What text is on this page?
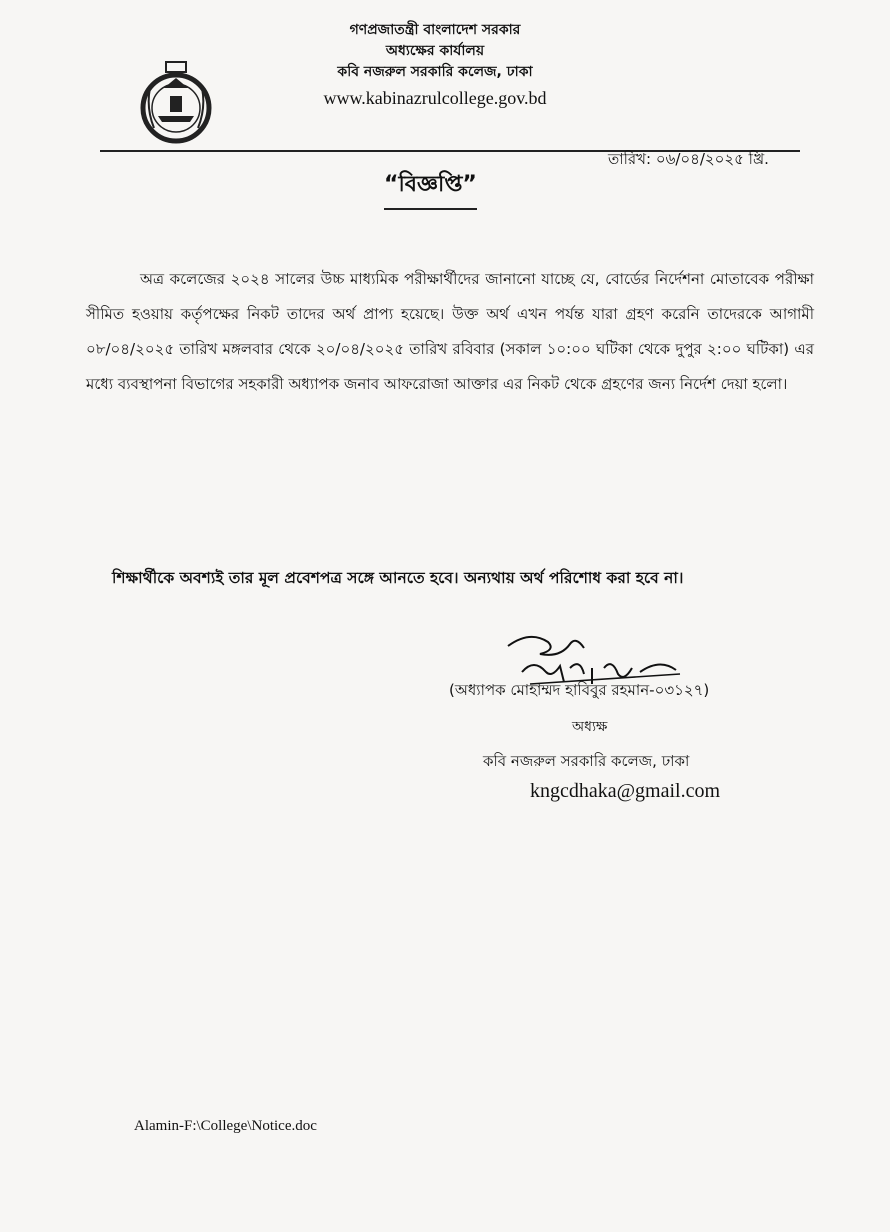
গণপ্রজাতন্ত্রী বাংলাদেশ সরকার
অধ্যক্ষের কার্যালয়
কবি নজরুল সরকারি কলেজ, ঢাকা
www.kabinazrulcollege.gov.bd
তারিখ: ০৬/০৪/২০২৫ খ্রি.
“বিজ্ঞপ্তি”
অত্র কলেজের ২০২৪ সালের উচ্চ মাধ্যমিক পরীক্ষার্থীদের জানানো যাচ্ছে যে, বোর্ডের নির্দেশনা মোতাবেক পরীক্ষা সীমিত হওয়ায় কর্তৃপক্ষের নিকট তাদের অর্থ প্রাপ্য হয়েছে। উক্ত অর্থ এখন পর্যন্ত যারা গ্রহণ করেনি তাদেরকে আগামী ০৮/০৪/২০২৫ তারিখ মঙ্গলবার থেকে ২০/০৪/২০২৫ তারিখ রবিবার (সকাল ১০:০০ ঘটিকা থেকে দুপুর ২:০০ ঘটিকা) এর মধ্যে ব্যবস্থাপনা বিভাগের সহকারী অধ্যাপক জনাব আফরোজা আক্তার এর নিকট থেকে গ্রহণের জন্য নির্দেশ দেয়া হলো।
শিক্ষার্থীকে অবশ্যই তার মূল প্রবেশপত্র সঙ্গে আনতে হবে। অন্যথায় অর্থ পরিশোধ করা হবে না।
(অধ্যাপক মোহাম্মদ হাবিবুর রহমান-০৩১২৭)
অধ্যক্ষ
কবি নজরুল সরকারি কলেজ, ঢাকা
kngcdhaka@gmail.com
Alamin-F:\College\Notice.doc
